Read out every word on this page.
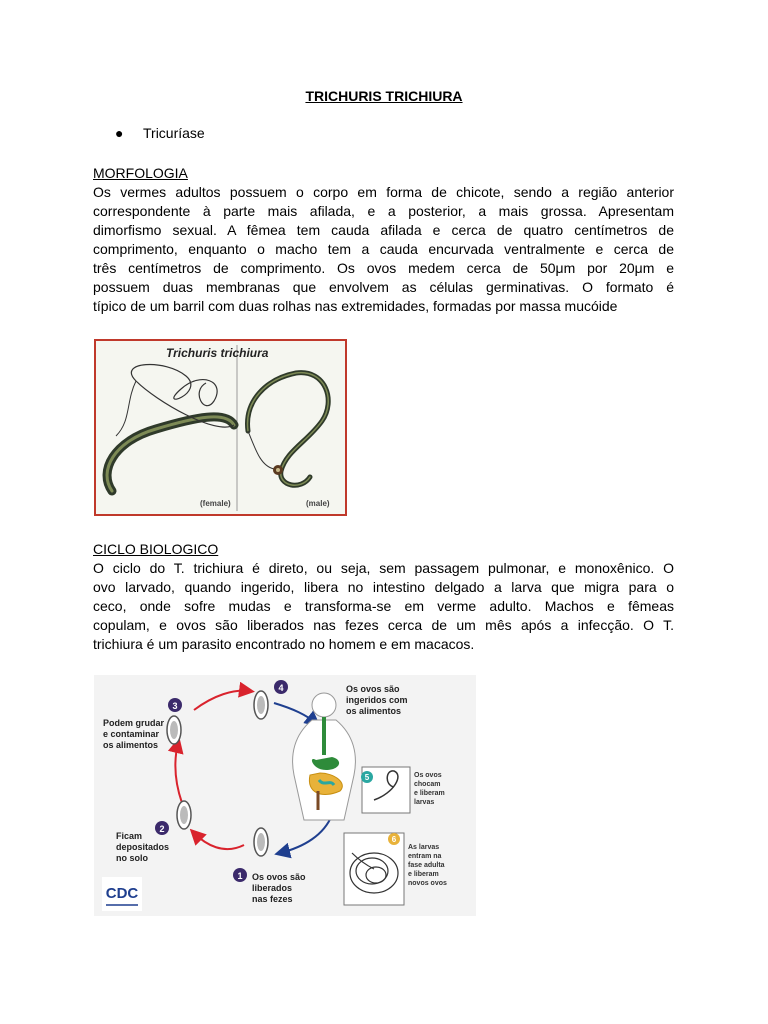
TRICHURIS TRICHIURA
●	Tricuríase
MORFOLOGIA
Os vermes adultos possuem o corpo em forma de chicote, sendo a região anterior
correspondente à parte mais afilada, e a posterior, a mais grossa. Apresentam
dimorfismo sexual. A fêmea tem cauda afilada e cerca de quatro centímetros de
comprimento, enquanto o macho tem a cauda encurvada ventralmente e cerca de
três centímetros de comprimento. Os ovos medem cerca de 50μm por 20μm e
possuem duas membranas que envolvem as células germinativas. O formato é
típico de um barril com duas rolhas nas extremidades, formadas por massa mucóide
Trichuris trichiura
(female)	(male)
CICLO BIOLOGICO
O ciclo do T. trichiura é direto, ou seja, sem passagem pulmonar, e monoxênico. O
ovo larvado, quando ingerido, libera no intestino delgado a larva que migra para o
ceco, onde sofre mudas e transforma-se em verme adulto. Machos e fêmeas
copulam, e ovos são liberados nas fezes cerca de um mês após a infecção. O T.
trichiura é um parasito encontrado no homem e em macacos.
1
2
3
4
5
6
Os ovos são
liberados
nas fezes
Ficam
depositados
no solo
Podem grudar
e contaminar
os alimentos
Os ovos são
ingeridos com
os alimentos
Os ovos
chocam
e liberam
larvas
As larvas
entram na
fase adulta
e liberam
novos ovos
CDC
